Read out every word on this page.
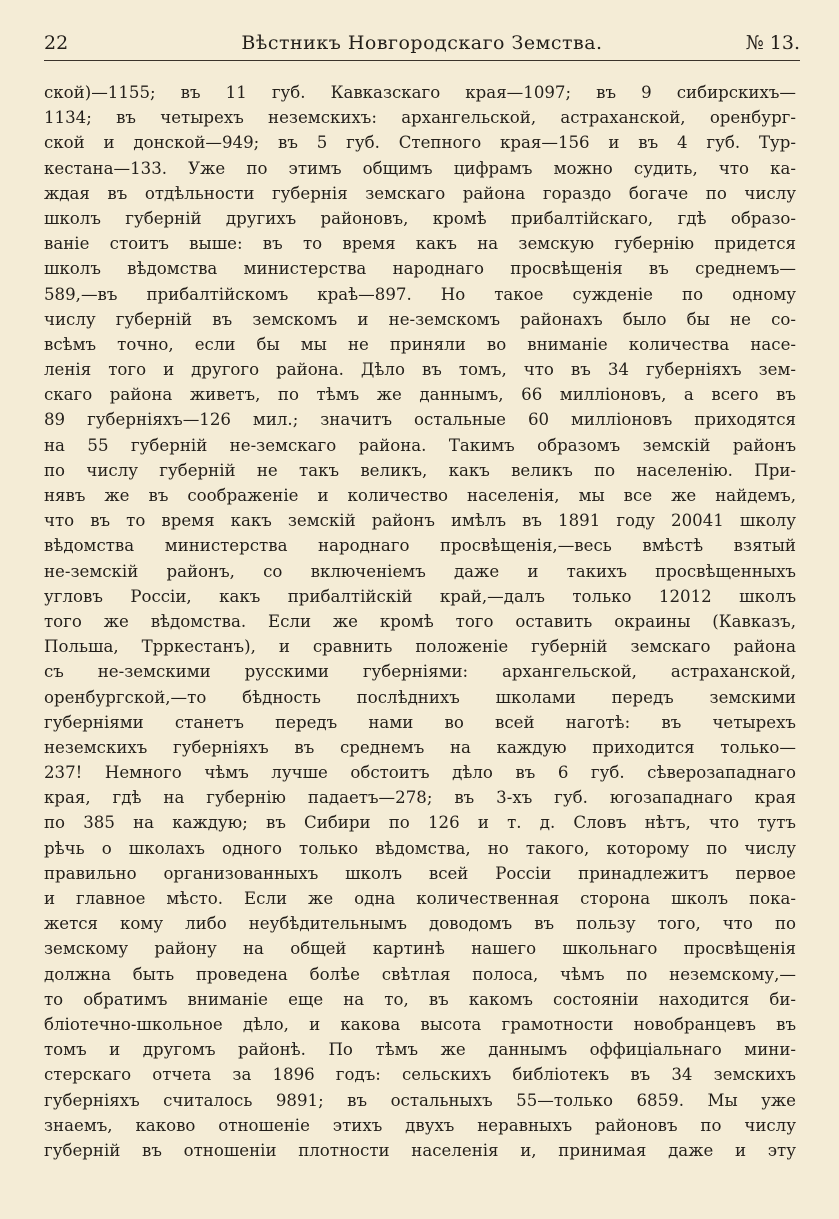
22	Вѣстникъ Новгородскаго Земства.	№ 13.
ской)—1155; въ 11 губ. Кавказскаго края—1097; въ 9 сибирскихъ—
1134; въ четырехъ неземскихъ: архангельской, астраханской, оренбург-
ской и донской—949; въ 5 губ. Степного края—156 и въ 4 губ. Тур-
кестана—133. Уже по этимъ общимъ цифрамъ можно судить, что ка-
ждая въ отдѣльности губернія земскаго района гораздо богаче по числу
школъ губерній другихъ районовъ, кромѣ прибалтійскаго, гдѣ образо-
ваніе стоитъ выше: въ то время какъ на земскую губернію придется
школъ вѣдомства министерства народнаго просвѣщенія въ среднемъ—
589,—въ прибалтійскомъ краѣ—897. Но такое сужденіе по одному
числу губерній въ земскомъ и не-земскомъ районахъ было бы не со-
всѣмъ точно, если бы мы не приняли во вниманіе количества насе-
ленія того и другого района. Дѣло въ томъ, что въ 34 губерніяхъ зем-
скаго района живетъ, по тѣмъ же даннымъ, 66 милліоновъ, а всего въ
89 губерніяхъ—126 мил.; значитъ остальные 60 милліоновъ приходятся
на 55 губерній не-земскаго района. Такимъ образомъ земскій районъ
по числу губерній не такъ великъ, какъ великъ по населенію. При-
нявъ же въ соображеніе и количество населенія, мы все же найдемъ,
что въ то время какъ земскій районъ имѣлъ въ 1891 году 20041 школу
вѣдомства министерства народнаго просвѣщенія,—весь вмѣстѣ взятый
не-земскій районъ, со включеніемъ даже и такихъ просвѣщенныхъ
угловъ Россіи, какъ прибалтійскій край,—далъ только 12012 школъ
того же вѣдомства. Если же кромѣ того оставить окраины (Кавказъ,
Польша, Трркестанъ), и сравнить положеніе губерній земскаго района
съ не-земскими русскими губерніями: архангельской, астраханской,
оренбургской,—то бѣдность послѣднихъ школами передъ земскими
губерніями станетъ передъ нами во всей наготѣ: въ четырехъ
неземскихъ губерніяхъ въ среднемъ на каждую приходится только—
237! Немного чѣмъ лучше обстоитъ дѣло въ 6 губ. сѣверозападнаго
края, гдѣ на губернію падаетъ—278; въ 3-хъ губ. югозападнаго края
по 385 на каждую; въ Сибири по 126 и т. д. Словъ нѣтъ, что тутъ
рѣчь о школахъ одного только вѣдомства, но такого, которому по числу
правильно организованныхъ школъ всей Россіи принадлежитъ первое
и главное мѣсто. Если же одна количественная сторона школъ пока-
жется кому либо неубѣдительнымъ доводомъ въ пользу того, что по
земскому району на общей картинѣ нашего школьнаго просвѣщенія
должна быть проведена болѣе свѣтлая полоса, чѣмъ по неземскому,—
то обратимъ вниманіе еще на то, въ какомъ состояніи находится би-
бліотечно-школьное дѣло, и какова высота грамотности новобранцевъ въ
томъ и другомъ районѣ. По тѣмъ же даннымъ оффиціальнаго мини-
стерскаго отчета за 1896 годъ: сельскихъ библіотекъ въ 34 земскихъ
губерніяхъ считалось 9891; въ остальныхъ 55—только 6859. Мы уже
знаемъ, каково отношеніе этихъ двухъ неравныхъ районовъ по числу
губерній въ отношеніи плотности населенія и, принимая даже и эту
